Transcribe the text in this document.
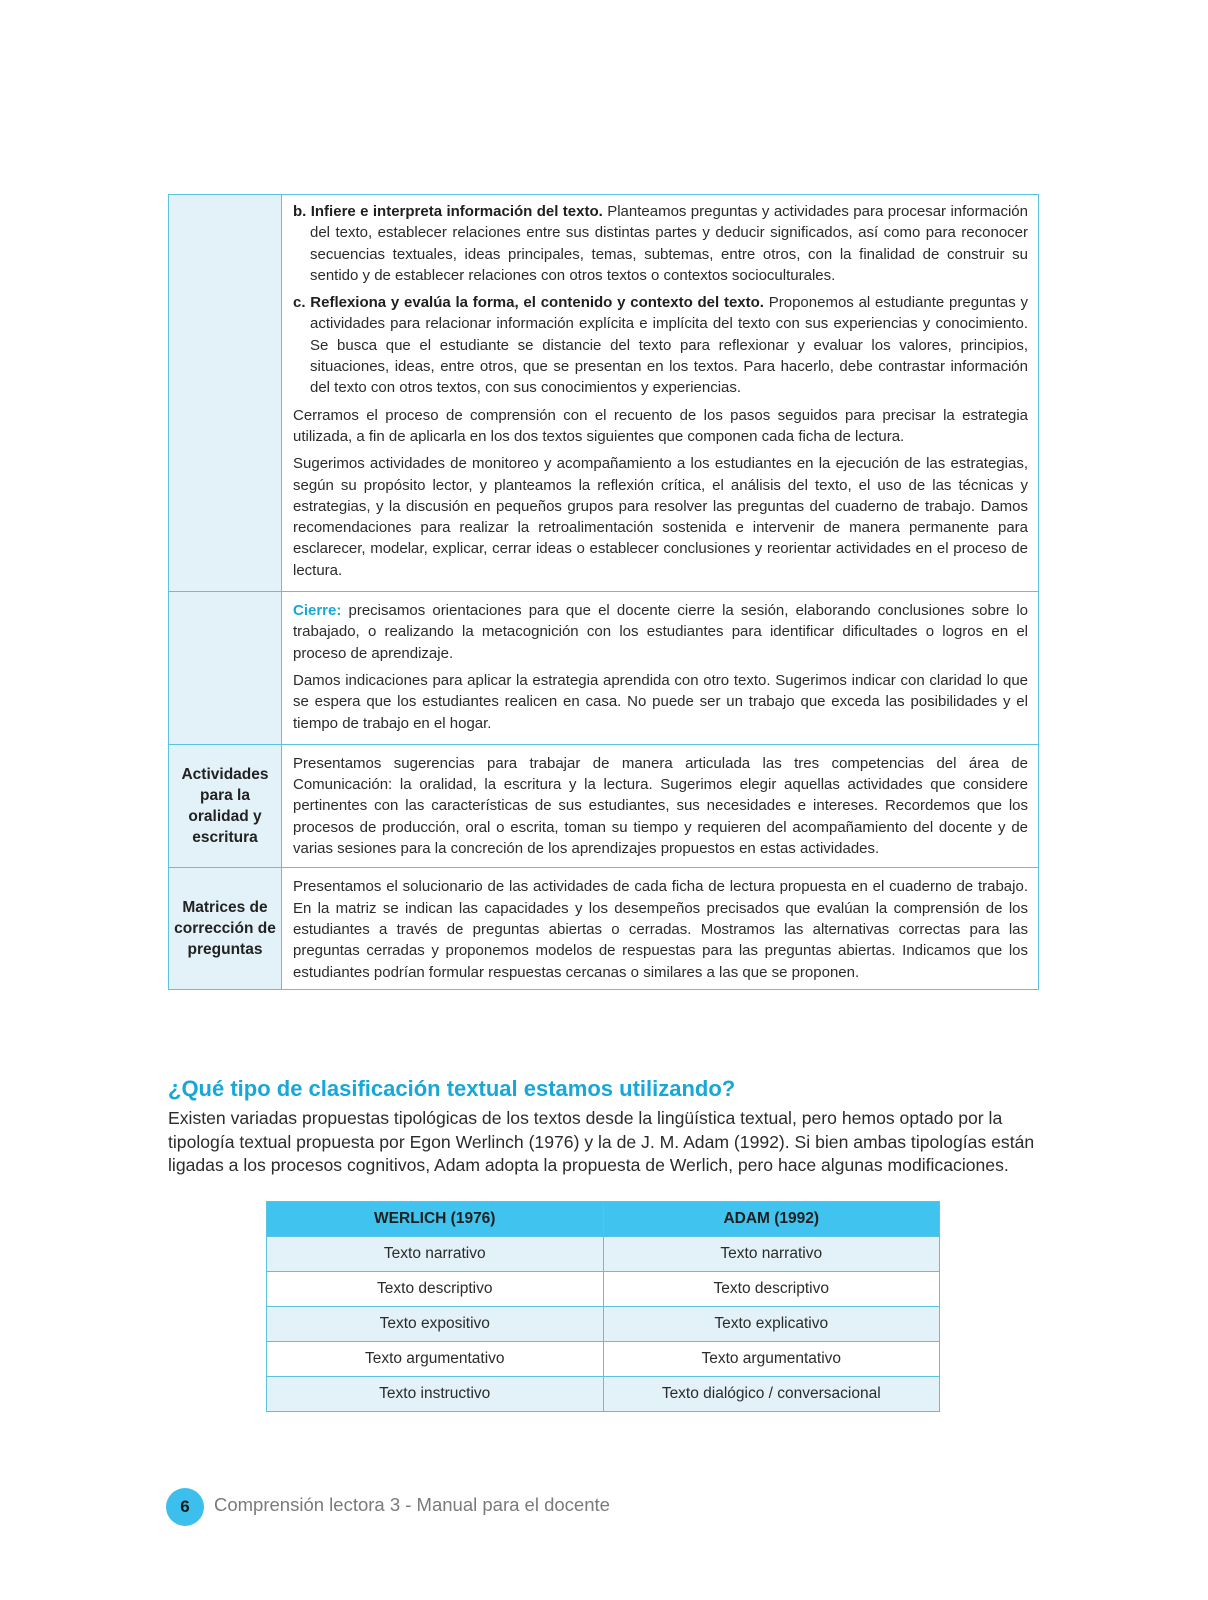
	b. Infiere e interpreta información del texto. Planteamos preguntas y actividades para procesar información del texto, establecer relaciones entre sus distintas partes y deducir significados, así como para reconocer secuencias textuales, ideas principales, temas, subtemas, entre otros, con la finalidad de construir su sentido y de establecer relaciones con otros textos o contextos socioculturales.

c. Reflexiona y evalúa la forma, el contenido y contexto del texto. Proponemos al estudiante preguntas y actividades para relacionar información explícita e implícita del texto con sus experiencias y conocimiento. Se busca que el estudiante se distancie del texto para reflexionar y evaluar los valores, principios, situaciones, ideas, entre otros, que se presentan en los textos. Para hacerlo, debe contrastar información del texto con otros textos, con sus conocimientos y experiencias.

Cerramos el proceso de comprensión con el recuento de los pasos seguidos para precisar la estrategia utilizada, a fin de aplicarla en los dos textos siguientes que componen cada ficha de lectura.

Sugerimos actividades de monitoreo y acompañamiento a los estudiantes en la ejecución de las estrategias, según su propósito lector, y planteamos la reflexión crítica, el análisis del texto, el uso de las técnicas y estrategias, y la discusión en pequeños grupos para resolver las preguntas del cuaderno de trabajo. Damos recomendaciones para realizar la retroalimentación sostenida e intervenir de manera permanente para esclarecer, modelar, explicar, cerrar ideas o establecer conclusiones y reorientar actividades en el proceso de lectura.

	Cierre: precisamos orientaciones para que el docente cierre la sesión, elaborando conclusiones sobre lo trabajado, o realizando la metacognición con los estudiantes para identificar dificultades o logros en el proceso de aprendizaje.

Damos indicaciones para aplicar la estrategia aprendida con otro texto. Sugerimos indicar con claridad lo que se espera que los estudiantes realicen en casa. No puede ser un trabajo que exceda las posibilidades y el tiempo de trabajo en el hogar.

Actividades para la oralidad y escritura	Presentamos sugerencias para trabajar de manera articulada las tres competencias del área de Comunicación: la oralidad, la escritura y la lectura. Sugerimos elegir aquellas actividades que considere pertinentes con las características de sus estudiantes, sus necesidades e intereses. Recordemos que los procesos de producción, oral o escrita, toman su tiempo y requieren del acompañamiento del docente y de varias sesiones para la concreción de los aprendizajes propuestos en estas actividades.

Matrices de corrección de preguntas	Presentamos el solucionario de las actividades de cada ficha de lectura propuesta en el cuaderno de trabajo. En la matriz se indican las capacidades y los desempeños precisados que evalúan la comprensión de los estudiantes a través de preguntas abiertas o cerradas. Mostramos las alternativas correctas para las preguntas cerradas y proponemos modelos de respuestas para las preguntas abiertas. Indicamos que los estudiantes podrían formular respuestas cercanas o similares a las que se proponen.

¿Qué tipo de clasificación textual estamos utilizando?

Existen variadas propuestas tipológicas de los textos desde la lingüística textual, pero hemos optado por la tipología textual propuesta por Egon Werlinch (1976) y la de J. M. Adam (1992). Si bien ambas tipologías están ligadas a los procesos cognitivos, Adam adopta la propuesta de Werlich, pero hace algunas modificaciones.

WERLICH (1976)	ADAM (1992)
Texto narrativo	Texto narrativo
Texto descriptivo	Texto descriptivo
Texto expositivo	Texto explicativo
Texto argumentativo	Texto argumentativo
Texto instructivo	Texto dialógico / conversacional
6	Comprensión lectora 3 - Manual para el docente
